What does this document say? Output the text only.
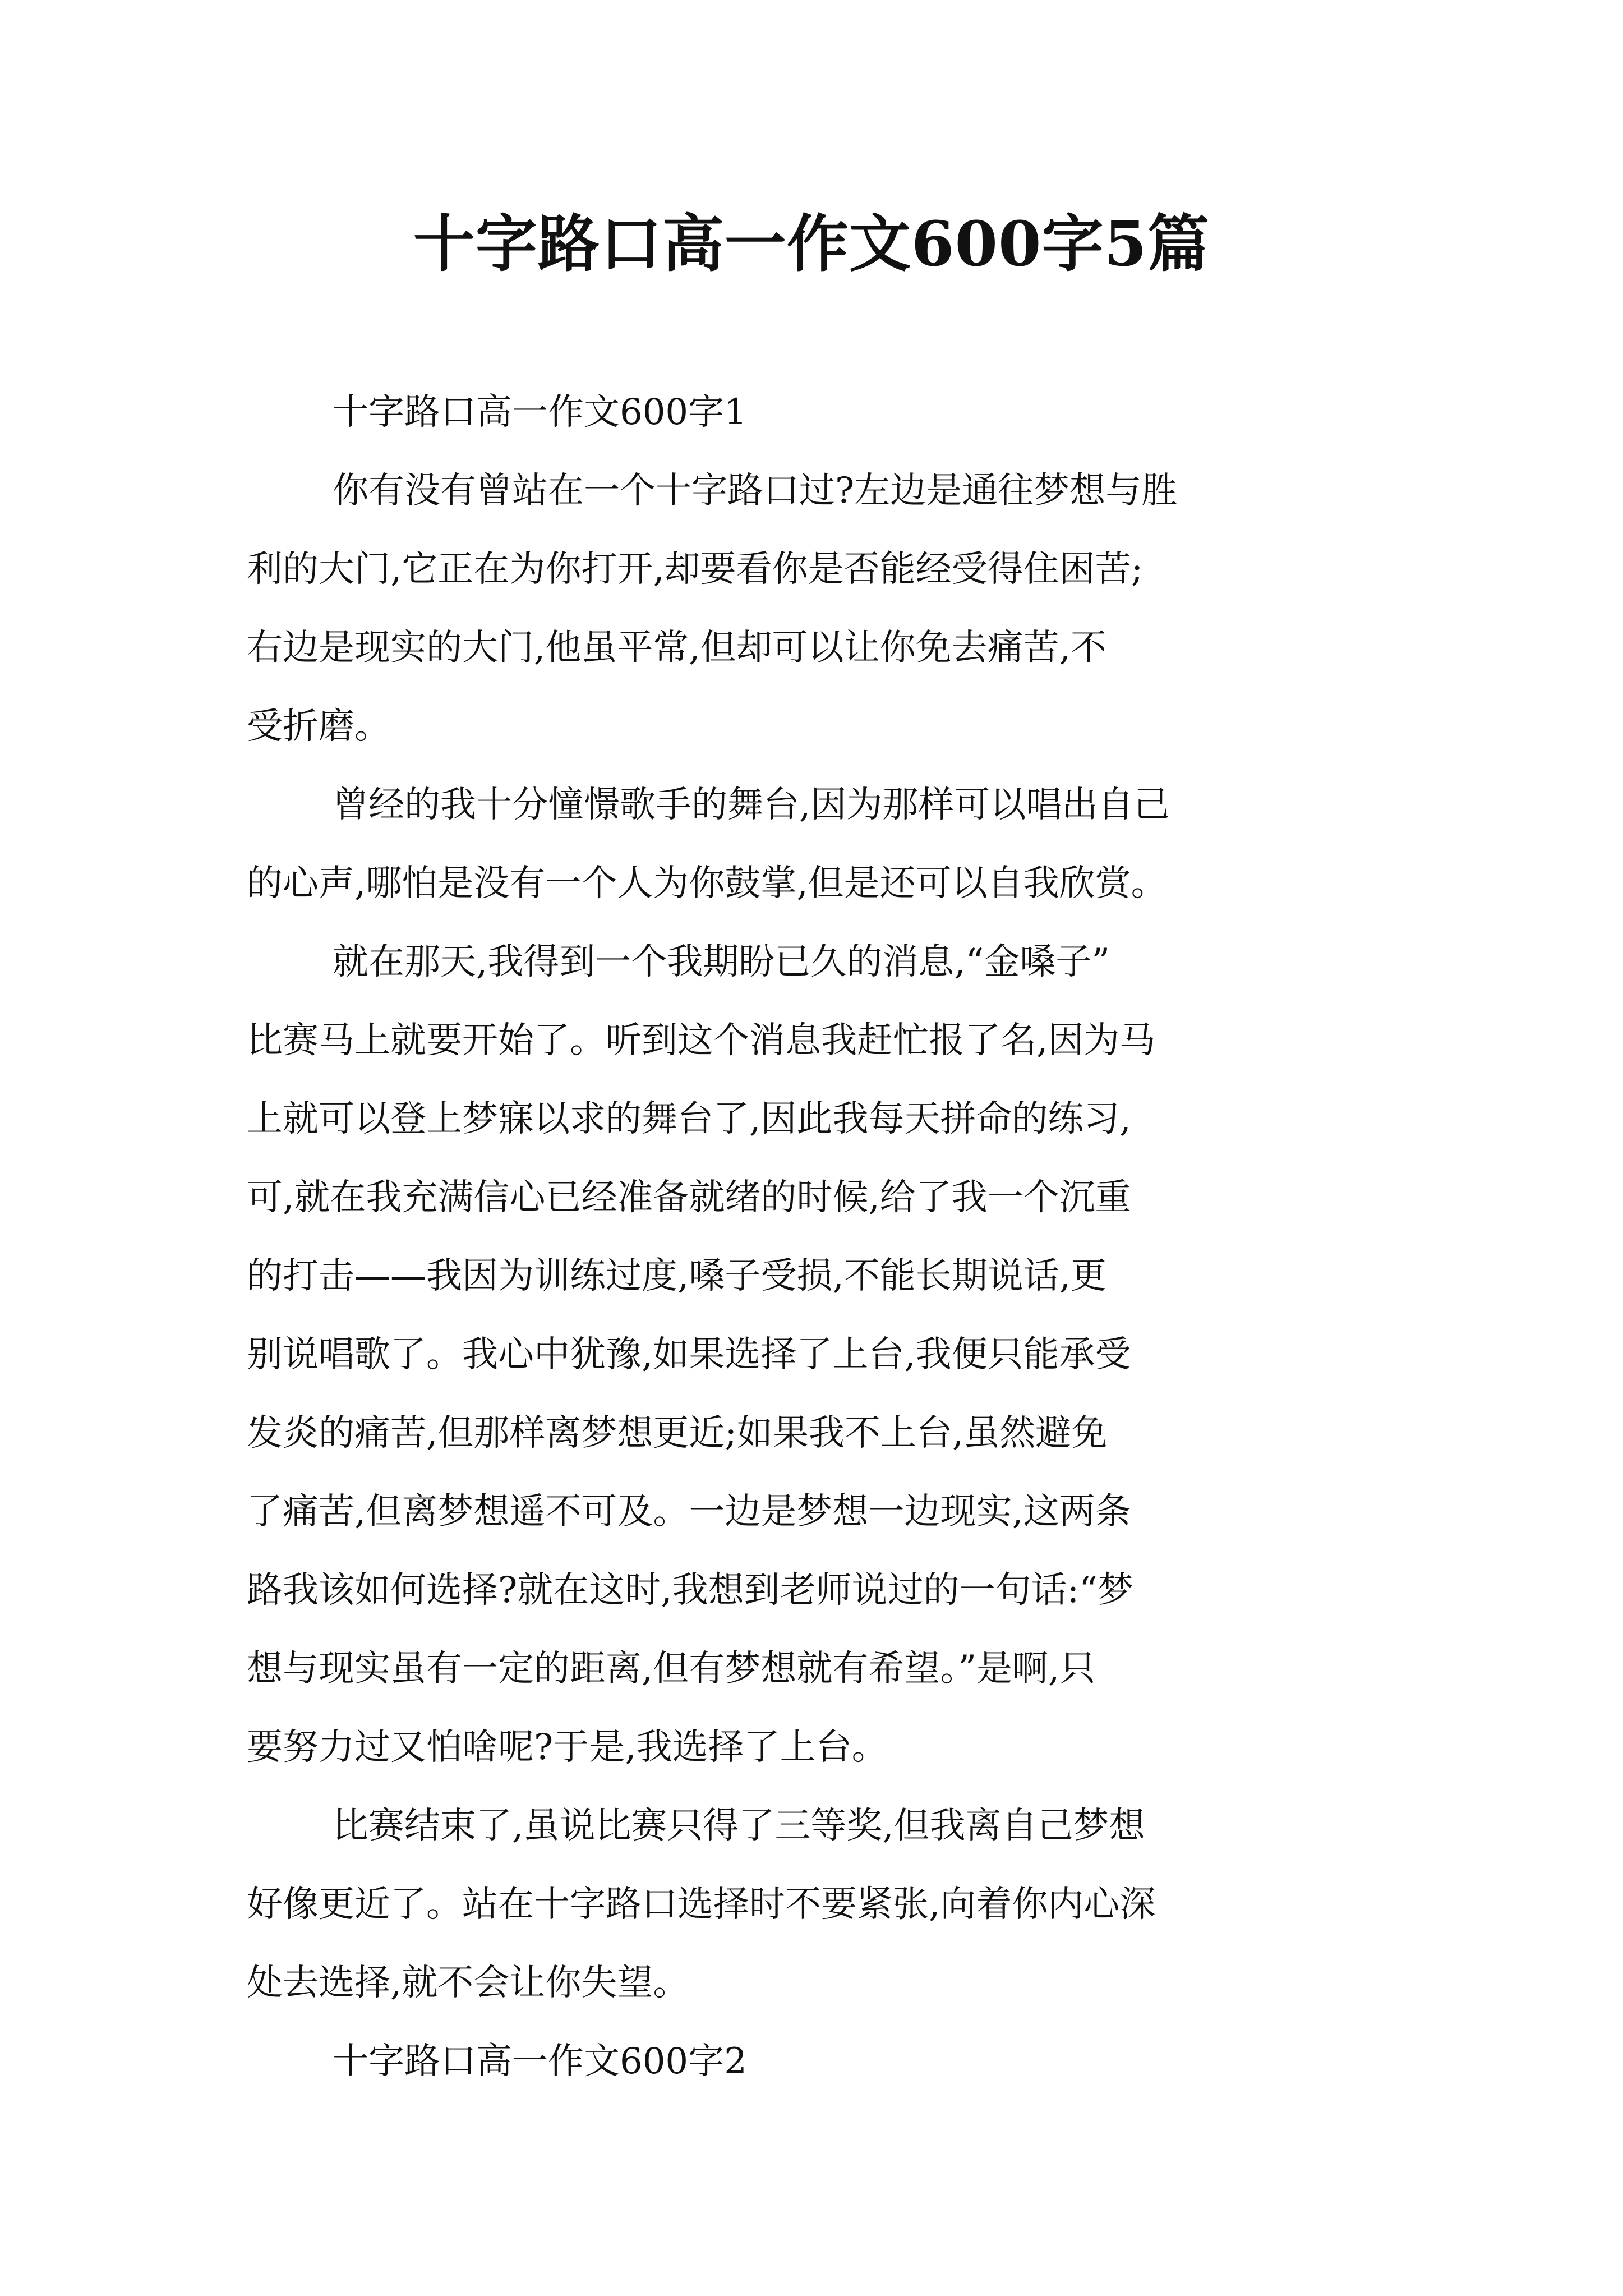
十字路口高一作文600字5篇

十字路口高一作文600字1

你有没有曾站在一个十字路口过?左边是通往梦想与胜

利的大门,它正在为你打开,却要看你是否能经受得住困苦;

右边是现实的大门,他虽平常,但却可以让你免去痛苦,不

受折磨。

曾经的我十分憧憬歌手的舞台,因为那样可以唱出自己

的心声,哪怕是没有一个人为你鼓掌,但是还可以自我欣赏。

就在那天,我得到一个我期盼已久的消息,“金嗓子”

比赛马上就要开始了。听到这个消息我赶忙报了名,因为马

上就可以登上梦寐以求的舞台了,因此我每天拼命的练习,

可,就在我充满信心已经准备就绪的时候,给了我一个沉重

的打击——我因为训练过度,嗓子受损,不能长期说话,更

别说唱歌了。我心中犹豫,如果选择了上台,我便只能承受

发炎的痛苦,但那样离梦想更近;如果我不上台,虽然避免

了痛苦,但离梦想遥不可及。一边是梦想一边现实,这两条

路我该如何选择?就在这时,我想到老师说过的一句话:“梦

想与现实虽有一定的距离,但有梦想就有希望。”是啊,只

要努力过又怕啥呢?于是,我选择了上台。

比赛结束了,虽说比赛只得了三等奖,但我离自己梦想

好像更近了。站在十字路口选择时不要紧张,向着你内心深

处去选择,就不会让你失望。

十字路口高一作文600字2
